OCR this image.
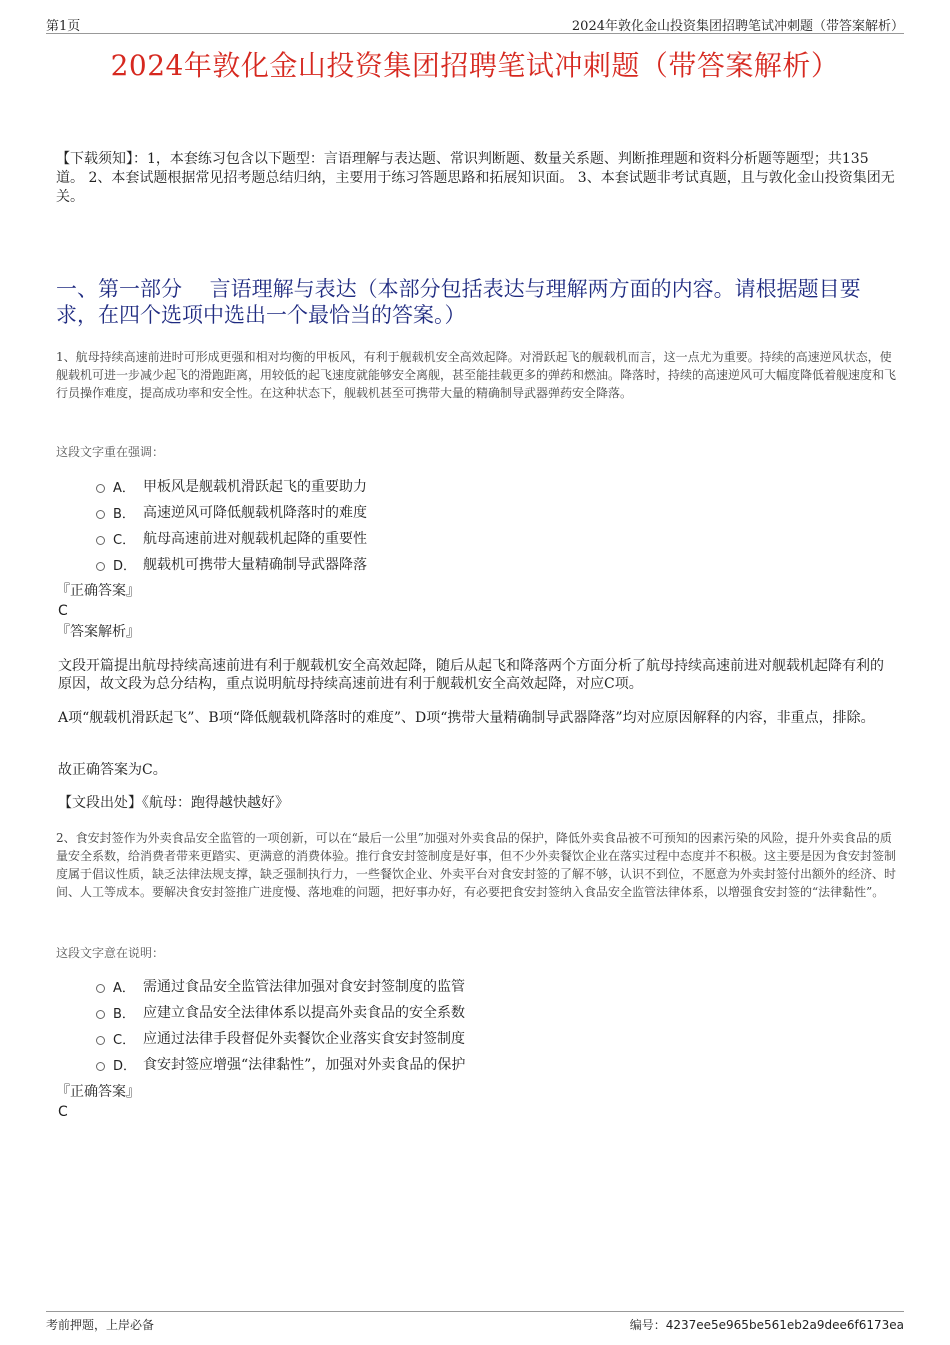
第1页	2024年敦化金山投资集团招聘笔试冲刺题（带答案解析）
2024年敦化金山投资集团招聘笔试冲刺题（带答案解析）
【下载须知】：1，本套练习包含以下题型：言语理解与表达题、常识判断题、数量关系题、判断推理题和资料分析题等题型；共135道。 2、本套试题根据常见招考题总结归纳，主要用于练习答题思路和拓展知识面。 3、本套试题非考试真题，且与敦化金山投资集团无关。
一、第一部分　 言语理解与表达（本部分包括表达与理解两方面的内容。请根据题目要求，在四个选项中选出一个最恰当的答案。）
1、航母持续高速前进时可形成更强和相对均衡的甲板风，有利于舰载机安全高效起降。对滑跃起飞的舰载机而言，这一点尤为重要。持续的高速逆风状态，使舰载机可进一步减少起飞的滑跑距离，用较低的起飞速度就能够安全离舰，甚至能挂载更多的弹药和燃油。降落时，持续的高速逆风可大幅度降低着舰速度和飞行员操作难度，提高成功率和安全性。在这种状态下，舰载机甚至可携带大量的精确制导武器弹药安全降落。
这段文字重在强调：
A． 甲板风是舰载机滑跃起飞的重要助力
B． 高速逆风可降低舰载机降落时的难度
C． 航母高速前进对舰载机起降的重要性
D． 舰载机可携带大量精确制导武器降落
『正确答案』
C
『答案解析』
文段开篇提出航母持续高速前进有利于舰载机安全高效起降，随后从起飞和降落两个方面分析了航母持续高速前进对舰载机起降有利的原因，故文段为总分结构，重点说明航母持续高速前进有利于舰载机安全高效起降，对应C项。
A项“舰载机滑跃起飞”、B项“降低舰载机降落时的难度”、D项“携带大量精确制导武器降落”均对应原因解释的内容，非重点，排除。
故正确答案为C。
【文段出处】《航母：跑得越快越好》
2、食安封签作为外卖食品安全监管的一项创新，可以在“最后一公里”加强对外卖食品的保护，降低外卖食品被不可预知的因素污染的风险，提升外卖食品的质量安全系数，给消费者带来更踏实、更满意的消费体验。推行食安封签制度是好事，但不少外卖餐饮企业在落实过程中态度并不积极。这主要是因为食安封签制度属于倡议性质，缺乏法律法规支撑，缺乏强制执行力，一些餐饮企业、外卖平台对食安封签的了解不够，认识不到位，不愿意为外卖封签付出额外的经济、时间、人工等成本。要解决食安封签推广进度慢、落地难的问题，把好事办好，有必要把食安封签纳入食品安全监管法律体系，以增强食安封签的“法律黏性”。
这段文字意在说明：
A． 需通过食品安全监管法律加强对食安封签制度的监管
B． 应建立食品安全法律体系以提高外卖食品的安全系数
C． 应通过法律手段督促外卖餐饮企业落实食安封签制度
D． 食安封签应增强“法律黏性”，加强对外卖食品的保护
『正确答案』
C
考前押题，上岸必备	编号：4237ee5e965be561eb2a9dee6f6173ea
